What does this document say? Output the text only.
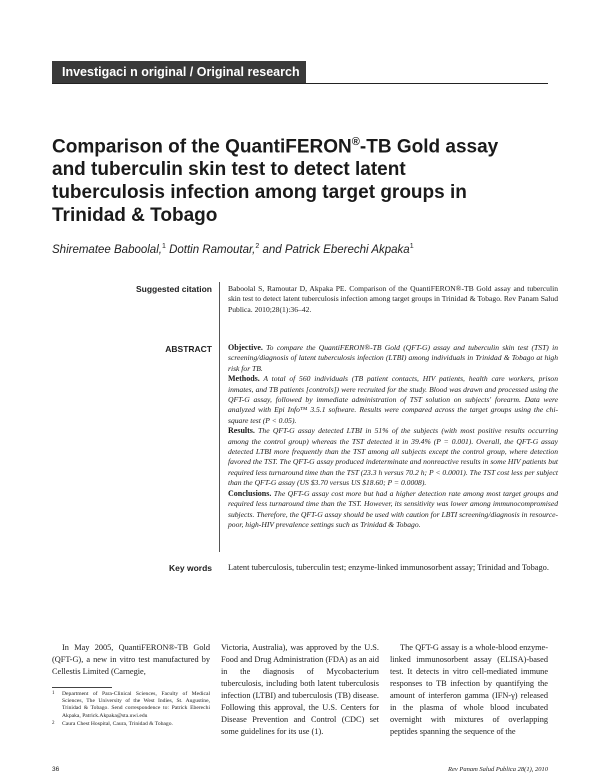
Investigaci n original / Original research
Comparison of the QuantiFERON®-TB Gold assay and tuberculin skin test to detect latent tuberculosis infection among target groups in Trinidad & Tobago
Shirematee Baboolal,$^1$ Dottin Ramoutar,$^2$ and Patrick Eberechi Akpaka$^1$
Suggested citation Baboolal S, Ramoutar D, Akpaka PE. Comparison of the QuantiFERON®-TB Gold assay and tuberculin skin test to detect latent tuberculosis infection among target groups in Trinidad & Tobago. Rev Panam Salud Publica. 2010;28(1):36–42.
ABSTRACT Objective. To compare the QuantiFERON®-TB Gold (QFT-G) assay and tuberculin skin test (TST) in screening/diagnosis of latent tuberculosis infection (LTBI) among individuals in Trinidad & Tobago at high risk for TB.

Methods. A total of 560 individuals (TB patient contacts, HIV patients, health care workers, prison inmates, and TB patients [controls]) were recruited for the study. Blood was drawn and processed using the QFT-G assay, followed by immediate administration of TST solution on subjects' forearm. Data were analyzed with Epi Info™ 3.5.1 software. Results were compared across the target groups using the chi-square test (P < 0.05).

Results. The QFT-G assay detected LTBI in 51% of the subjects (with most positive results occurring among the control group) whereas the TST detected it in 39.4% (P = 0.001). Overall, the QFT-G assay detected LTBI more frequently than the TST among all subjects except the control group, where detection favored the TST. The QFT-G assay produced indeterminate and nonreactive results in some HIV patients but required less turnaround time than the TST (23.3 h versus 70.2 h; P < 0.0001). The TST cost less per subject than the QFT-G assay (US $3.70 versus US $18.60; P = 0.0008).

Conclusions. The QFT-G assay cost more but had a higher detection rate among most target groups and required less turnaround time than the TST. However, its sensitivity was lower among immunocompromised subjects. Therefore, the QFT-G assay should be used with caution for LBTI screening/diagnosis in resource-poor, high-HIV prevalence settings such as Trinidad & Tobago.

Key words Latent tuberculosis, tuberculin test; enzyme-linked immunosorbent assay; Trinidad and Tobago.

In May 2005, QuantiFERON®-TB Gold (QFT-G), a new in vitro test manufactured by Cellestis Limited (Carnegie,

Victoria, Australia), was approved by the U.S. Food and Drug Administration (FDA) as an aid in the diagnosis of Mycobacterium tuberculosis, including both latent tuberculosis infection (LTBI) and tuberculosis (TB) disease. Following this approval, the U.S. Centers for Disease Prevention and Control (CDC) set some guidelines for its use (1).

The QFT-G assay is a whole-blood enzyme-linked immunosorbent assay (ELISA)-based test. It detects in vitro cell-mediated immune responses to TB infection by quantifying the amount of interferon gamma (IFN-γ) released in the plasma of whole blood incubated overnight with mixtures of overlapping peptides spanning the sequence of the

1 Department of Para-Clinical Sciences, Faculty of Medical Sciences, The University of the West Indies, St. Augustine, Trinidad & Tobago. Send correspondence to: Patrick Eberechi Akpaka, Patrick.Akpaka@sta.uwi.edu
2 Caura Chest Hospital, Caura, Trinidad & Tobago.
36	Rev Panam Salud Publica 28(1), 2010
